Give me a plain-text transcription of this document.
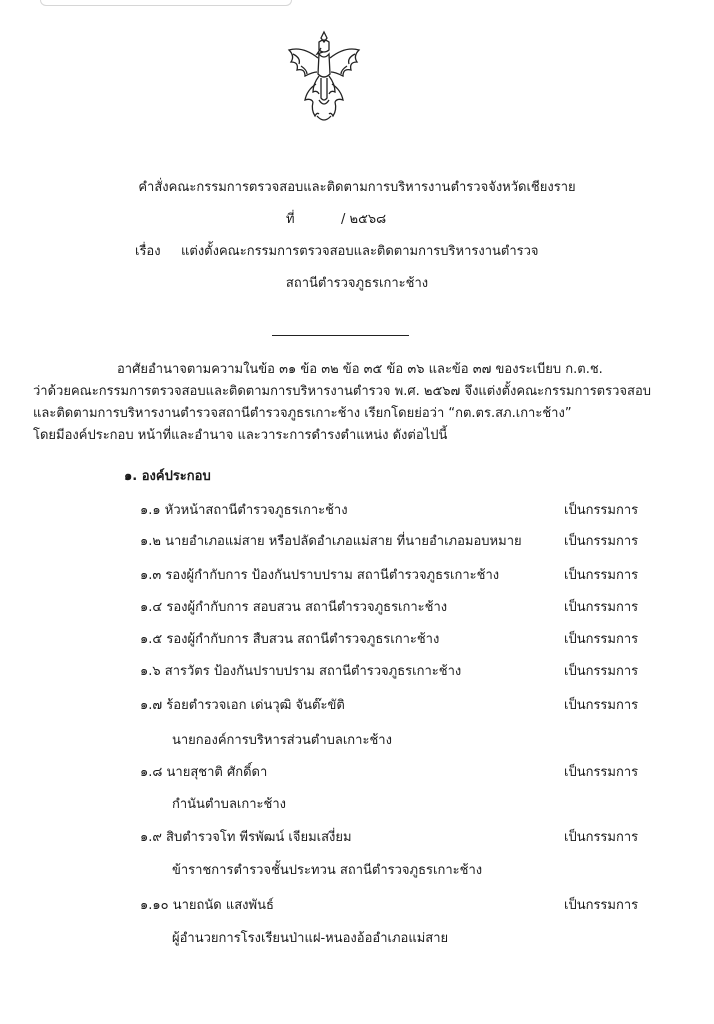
คำสั่งคณะกรรมการตรวจสอบและติดตามการบริหารงานตำรวจจังหวัดเชียงราย
ที่	/ ๒๕๖๘
เรื่อง แต่งตั้งคณะกรรมการตรวจสอบและติดตามการบริหารงานตำรวจ
สถานีตำรวจภูธรเกาะช้าง
อาศัยอำนาจตามความในข้อ ๓๑ ข้อ ๓๒ ข้อ ๓๕ ข้อ ๓๖ และข้อ ๓๗ ของระเบียบ ก.ต.ช.
ว่าด้วยคณะกรรมการตรวจสอบและติดตามการบริหารงานตำรวจ พ.ศ. ๒๕๖๗ จึงแต่งตั้งคณะกรรมการตรวจสอบ
และติดตามการบริหารงานตำรวจสถานีตำรวจภูธรเกาะช้าง เรียกโดยย่อว่า “กต.ตร.สภ.เกาะช้าง”
โดยมีองค์ประกอบ หน้าที่และอำนาจ และวาระการดำรงตำแหน่ง ดังต่อไปนี้
๑. องค์ประกอบ
๑.๑ หัวหน้าสถานีตำรวจภูธรเกาะช้าง	เป็นกรรมการ
๑.๒ นายอำเภอแม่สาย หรือปลัดอำเภอแม่สาย ที่นายอำเภอมอบหมาย	เป็นกรรมการ
๑.๓ รองผู้กำกับการ ป้องกันปราบปราม สถานีตำรวจภูธรเกาะช้าง	เป็นกรรมการ
๑.๔ รองผู้กำกับการ สอบสวน สถานีตำรวจภูธรเกาะช้าง	เป็นกรรมการ
๑.๕ รองผู้กำกับการ สืบสวน สถานีตำรวจภูธรเกาะช้าง	เป็นกรรมการ
๑.๖ สารวัตร ป้องกันปราบปราม สถานีตำรวจภูธรเกาะช้าง	เป็นกรรมการ
๑.๗ ร้อยตำรวจเอก เด่นวุฒิ จันต๊ะขัติ	เป็นกรรมการ
นายกองค์การบริหารส่วนตำบลเกาะช้าง
๑.๘ นายสุชาติ ศักดิ์ดา	เป็นกรรมการ
กำนันตำบลเกาะช้าง
๑.๙ สิบตำรวจโท พีรพัฒน์ เจียมเสงี่ยม	เป็นกรรมการ
ข้าราชการตำรวจชั้นประทวน สถานีตำรวจภูธรเกาะช้าง
๑.๑๐ นายถนัด แสงพันธ์	เป็นกรรมการ
ผู้อำนวยการโรงเรียนป่าแฝ-หนองอ้ออำเภอแม่สาย
